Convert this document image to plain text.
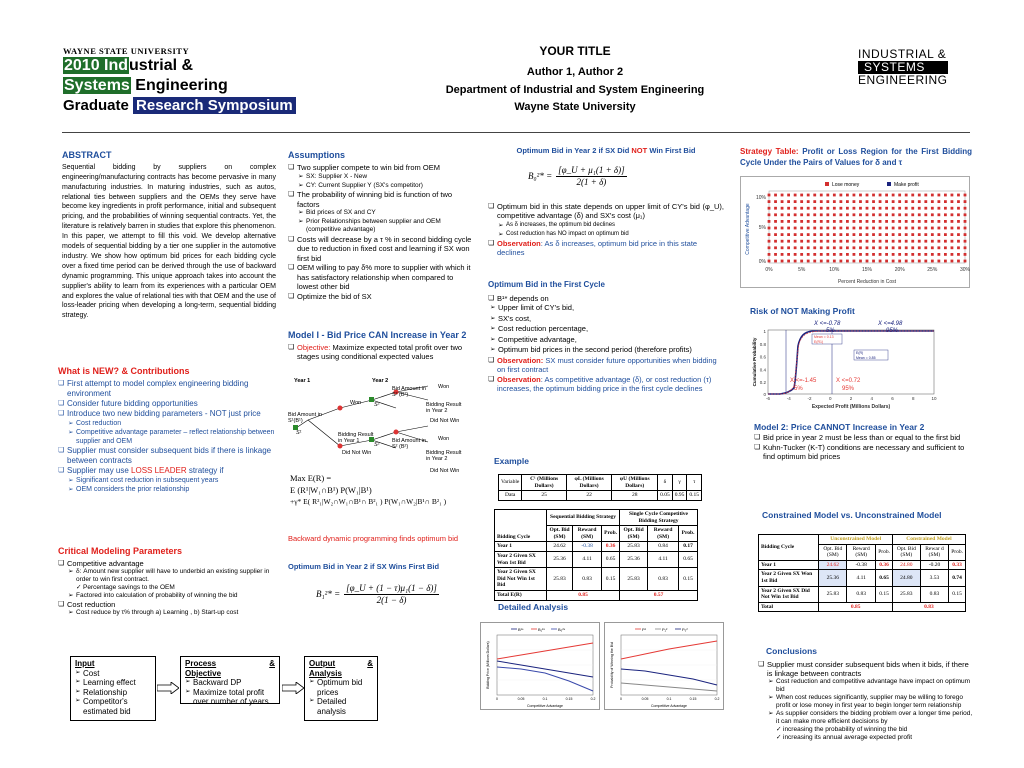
WAYNE STATE UNIVERSITY
2010 Industrial &
Systems Engineering
Graduate Research Symposium
YOUR TITLE
Author 1, Author 2
Department of Industrial and System Engineering
Wayne State University
INDUSTRIAL &
SYSTEMS
ENGINEERING
ABSTRACT
Sequential bidding by suppliers on complex engineering/manufacturing contracts has become pervasive in many manufacturing industries. In maturing industries, such as autos, relational ties between suppliers and the OEMs they serve have become key ingredients in profit performance, initial and subsequent pricing, and the probabilities of winning sequential contracts. Yet, the literature is relatively barren in studies that explore this phenomenon. In this paper, we attempt to fill this void. We develop alternative models of sequential bidding by a tier one supplier in the automotive industry. We show how optimum bid prices for each bidding cycle over a fixed time period can be derived through the use of backward dynamic programming. This unique approach takes into account the supplier's ability to learn from its experiences with a particular OEM and explores the value of relational ties with that OEM and the use of loss-leader pricing when developing a long-term, sequential bidding strategy.
What is NEW? & Contributions
❏ First attempt to model complex engineering bidding environment
❏ Consider future bidding opportunities
❏ Introduce two new bidding parameters - NOT just price
➢ Cost reduction
➢ Competitive advantage parameter – reflect relationship between supplier and OEM
❏ Supplier must consider subsequent bids if there is linkage between contracts
❏ Supplier may use LOSS LEADER strategy if
➢ Significant cost reduction in subsequent years
➢ OEM considers the prior relationship
Critical Modeling Parameters
❏ Competitive advantage
➢ δ: Amount new supplier will have to underbid an existing supplier in order to win first contract.
✓ Percentage savings to the OEM
➢ Factored into calculation of probability of winning the bid
❏ Cost reduction
➢ Cost reduce by τ% through a) Learning , b) Start-up cost
Input
➢ Cost
➢ Learning effect
➢ Relationship
➢ Competitor's estimated bid
Process	&
Objective
➢ Backward DP
➢ Maximize total profit over number of years
Output	&
Analysis
➢ Optimum bid prices
➢ Detailed analysis
Assumptions
❏ Two supplier compete to win bid from OEM
➢ SX: Supplier X - New
➢ CY: Current Supplier Y (SX's competitor)
❏ The probability of winning bid is function of two factors
➢ Bid prices of SX and CY
➢ Prior Relationships between supplier and OEM (competitive advantage)
❏ Costs will decrease by a τ % in second bidding cycle due to reduction in fixed cost and learning if SX won first bid
❏ OEM willing to pay δ% more to supplier with which it has satisfactory relationship when compared to lowest other bid
❏ Optimize the bid of SX
Model I - Bid Price CAN Increase in Year 2
❏ Objective: Maximize expected total profit over two stages using conditional expected values
Year 1	Year 2
Bid Amount in S² (B²)
Won
Won
Bidding Result in Year 2
Did Not Win
Bid Amount in S¹(B¹)
Bidding Result in Year 1
Did Not Win
Bid Amount in S² (B²)
Won
Bidding Result in Year 2
Did Not Win
S¹
S²
S²
Max E(R) =
E (R¹|W₁∩B¹) P(W₁|B¹)
+γ* E( R²₁|W₂∩W₁∩B¹∩ B²₁ ) P(W₁∩W₂|B¹∩ B²₁ )
Backward dynamic programming finds optimum bid
Optimum Bid in Year 2 if SX Wins First Bid
$B_1^2* = \frac{\text{[φ\_U + (1 − τ)μ₁(1 − δ)]}}{2(1 - \delta)}$
Optimum Bid in Year 2 if SX Did NOT Win First Bid
$B_0^2* = \frac{\text{[φ\_U + μ₁(1 + δ)]}}{2(1 + \delta)}$
❏ Optimum bid in this state depends on upper limit of CY's bid (φ_U), competitive advantage (δ) and SX's cost (μ₁)
➢ As δ increases, the optimum bid declines
➢ Cost reduction has NO impact on optimum bid
❏ Observation: As δ increases, optimum bid price in this state declines
Optimum Bid in the First Cycle
❏ B¹* depends on
➢ Upper limit of CY's bid,
➢ SX's cost,
➢ Cost reduction percentage,
➢ Competitive advantage,
➢ Optimum bid prices in the second period (therefore profits)
❏ Observation: SX must consider future opportunities when bidding on first contract
❏ Observation: As competitive advantage (δ), or cost reduction (τ) increases, the optimum bidding price in the first cycle declines
Example
Variable	C¹ (Millions Dollars)	φL (Millions Dollars)	φU (Millions Dollars)	δ	γ	τ
Data	25	22	28	0.05	0.95	0.15
Bidding Cycle	Sequential Bidding Strategy			Single Cycle Competitive Bidding Strategy		
	Opt. Bid (SM)	Reward (SM)	Prob.	Opt. Bid (SM)	Reward (SM)	Prob.
Year 1	24.62	-0.38	0.36	25.83	0.84	0.17
Year 2 Given SX Won 1st Bid	25.36	4.11	0.65	25.36	4.11	0.65
Year 2 Given SX Did Not Win 1st Bid	25.83	0.83	0.15	25.83	0.83	0.15
Total E(R)	0.85			0.57		
Detailed Analysis
B¹*	B₁²*	B₀²*
0	0.05	0.1	0.15	0.2
Competitive Advantage
Bidding Price (Millions Dollars)
P¹	P₁²	P₀²
0	0.05	0.1	0.15	0.2
Competitive Advantage
Probability of Winning the Bid
Strategy Table: Profit or Loss Region for the First Bidding Cycle Under the Pairs of Values for δ and τ
Lose money	Make profit
0%	5%	10%	15%	20%	25%	30%
Percent Reduction in Cost
10%
5%
0%
Competitive Advantage
Risk of NOT Making Profit
-6	-4	-2	0	2	4	6	8	10
Expected Profit (Millions Dollars)
1
0.8
0.6
0.4
0.2
0
Cumulative Probability
X <=-0.78
5%
X <=4.98
95%
X <=-1.45
5%
X <=0.72
95%
Mean = 0.13
E(R1)
E(R)
Mean = 0.85
Model 2: Price CANNOT Increase in Year 2
❏ Bid price in year 2 must be less than or equal to the first bid
❏ Kuhn-Tucker (K-T) conditions are necessary and sufficient to find optimum bid prices
Constrained Model vs. Unconstrained Model
Bidding Cycle	Unconstrained Model			Constrained Model		
	Opt. Bid (SM)	Reward (SM)	Prob.	Opt. Bid (SM)	Rewar d (SM)	Prob.
Year 1	24.62	-0.38	0.36	24.80	-0.20	0.33
Year 2 Given SX Won 1st Bid	25.36	4.11	0.65	24.80	3.53	0.74
Year 2 Given SX Did Not Win 1st Bid	25.83	0.83	0.15	25.83	0.83	0.15
Total	0.85			0.83		
Conclusions
❏ Supplier must consider subsequent bids when it bids, if there is linkage between contracts
➢ Cost reduction and competitive advantage have impact on optimum bid
➢ When cost reduces significantly, supplier may be willing to forego profit or lose money in first year to begin longer term relationship
➢ As supplier considers the bidding problem over a longer time period, it can make more efficient decisions by
✓ increasing the probability of winning the bid
✓ increasing its annual average expected profit
